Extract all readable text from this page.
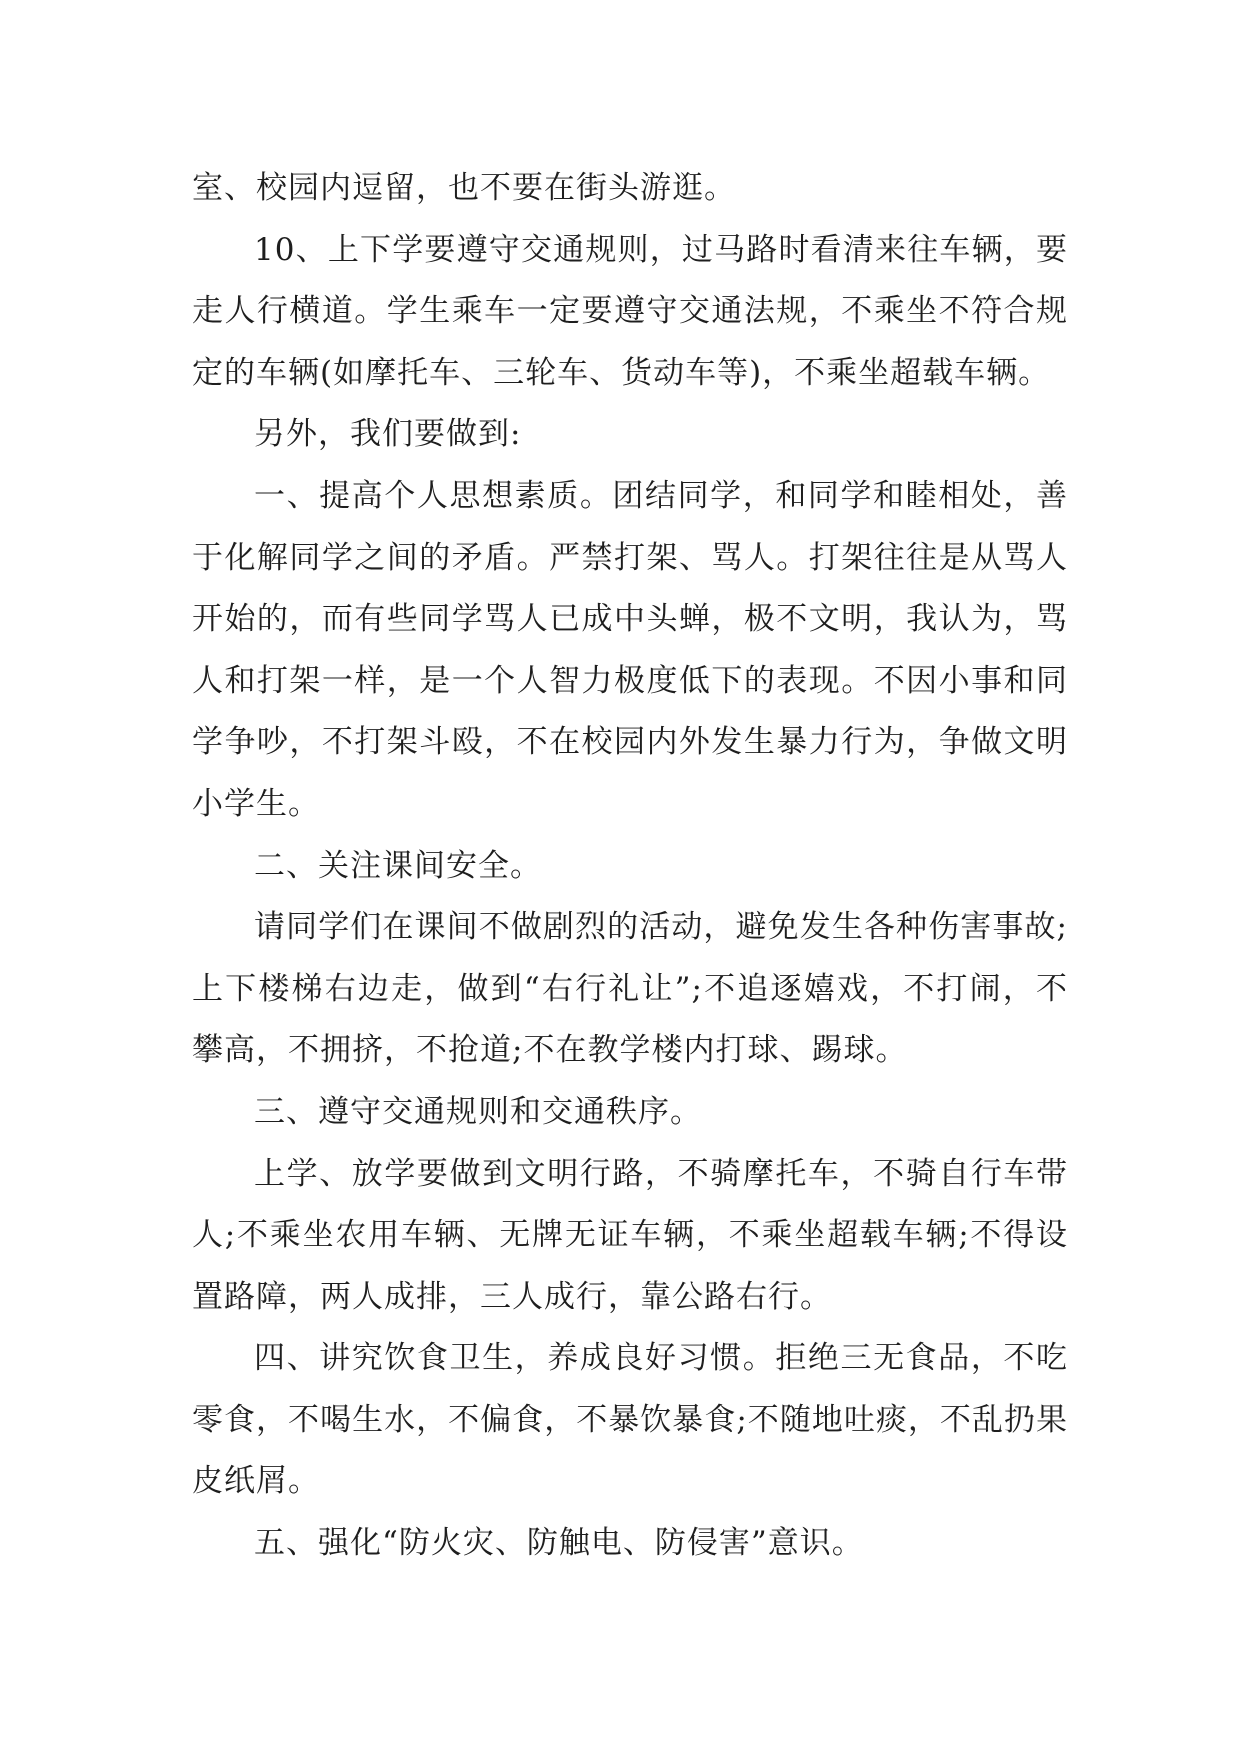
室、校园内逗留，也不要在街头游逛。

10、上下学要遵守交通规则，过马路时看清来往车辆，要走人行横道。学生乘车一定要遵守交通法规，不乘坐不符合规定的车辆(如摩托车、三轮车、货动车等)，不乘坐超载车辆。

另外，我们要做到:

一、提高个人思想素质。团结同学，和同学和睦相处，善于化解同学之间的矛盾。严禁打架、骂人。打架往往是从骂人开始的，而有些同学骂人已成中头蝉，极不文明，我认为，骂人和打架一样，是一个人智力极度低下的表现。不因小事和同学争吵，不打架斗殴，不在校园内外发生暴力行为，争做文明小学生。

二、关注课间安全。

请同学们在课间不做剧烈的活动，避免发生各种伤害事故;上下楼梯右边走，做到“右行礼让”;不追逐嬉戏，不打闹，不攀高，不拥挤，不抢道;不在教学楼内打球、踢球。

三、遵守交通规则和交通秩序。

上学、放学要做到文明行路，不骑摩托车，不骑自行车带人;不乘坐农用车辆、无牌无证车辆，不乘坐超载车辆;不得设置路障，两人成排，三人成行，靠公路右行。

四、讲究饮食卫生，养成良好习惯。拒绝三无食品，不吃零食，不喝生水，不偏食，不暴饮暴食;不随地吐痰，不乱扔果皮纸屑。

五、强化“防火灾、防触电、防侵害”意识。
